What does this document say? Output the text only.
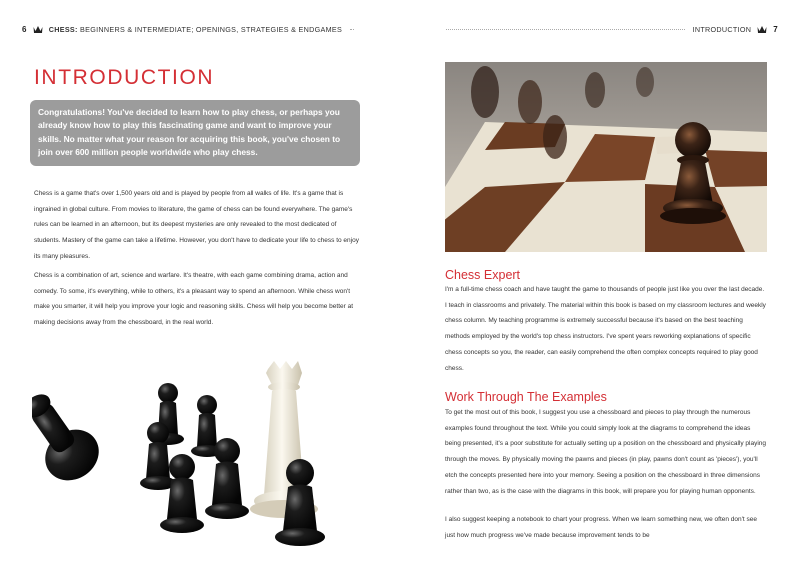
6	CHESS: BEGINNERS & INTERMEDIATE; OPENINGS, STRATEGIES & ENDGAMES
INTRODUCTION
Congratulations! You've decided to learn how to play chess, or perhaps you already know how to play this fascinating game and want to improve your skills. No matter what your reason for acquiring this book, you've chosen to join over 600 million people worldwide who play chess.

Chess is a game that's over 1,500 years old and is played by people from all walks of life. It's a game that is ingrained in global culture. From movies to literature, the game of chess can be found everywhere. The game's rules can be learned in an afternoon, but its deepest mysteries are only revealed to the most dedicated of students. Mastery of the game can take a lifetime. However, you don't have to dedicate your life to chess to enjoy its many pleasures.

Chess is a combination of art, science and warfare. It's theatre, with each game combining drama, action and comedy. To some, it's everything, while to others, it's a pleasant way to spend an afternoon. While chess won't make you smarter, it will help you improve your logic and reasoning skills. Chess will help you become better at making decisions away from the chessboard, in the real world.

INTRODUCTION	7
Chess Expert

I'm a full-time chess coach and have taught the game to thousands of people just like you over the last decade. I teach in classrooms and privately. The material within this book is based on my classroom lectures and weekly chess column. My teaching programme is extremely successful because it's based on the best teaching methods employed by the world's top chess instructors. I've spent years reworking explanations of specific chess concepts so you, the reader, can easily comprehend the often complex concepts required to play good chess.

Work Through The Examples

To get the most out of this book, I suggest you use a chessboard and pieces to play through the numerous examples found throughout the text. While you could simply look at the diagrams to comprehend the ideas being presented, it's a poor substitute for actually setting up a position on the chessboard and physically playing through the moves. By physically moving the pawns and pieces (in play, pawns don't count as 'pieces'), you'll etch the concepts presented here into your memory. Seeing a position on the chessboard in three dimensions rather than two, as is the case with the diagrams in this book, will prepare you for playing human opponents.

I also suggest keeping a notebook to chart your progress. When we learn something new, we often don't see just how much progress we've made because improvement tends to be
